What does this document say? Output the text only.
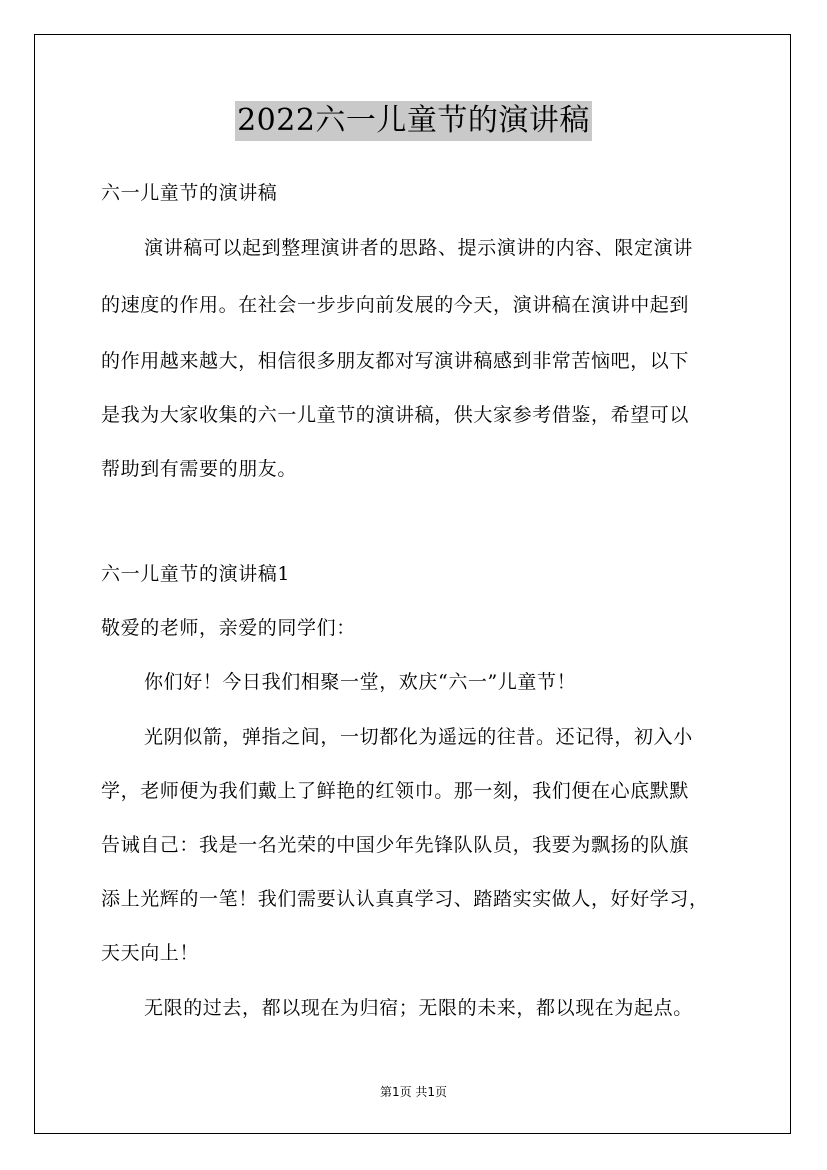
2022六一儿童节的演讲稿
六一儿童节的演讲稿
演讲稿可以起到整理演讲者的思路、提示演讲的内容、限定演讲
的速度的作用。在社会一步步向前发展的今天，演讲稿在演讲中起到
的作用越来越大，相信很多朋友都对写演讲稿感到非常苦恼吧，以下
是我为大家收集的六一儿童节的演讲稿，供大家参考借鉴，希望可以
帮助到有需要的朋友。
六一儿童节的演讲稿1
敬爱的老师，亲爱的同学们：
你们好！今日我们相聚一堂，欢庆“六一”儿童节！
光阴似箭，弹指之间，一切都化为遥远的往昔。还记得，初入小
学，老师便为我们戴上了鲜艳的红领巾。那一刻，我们便在心底默默
告诫自己：我是一名光荣的中国少年先锋队队员，我要为飘扬的队旗
添上光辉的一笔！我们需要认认真真学习、踏踏实实做人，好好学习，
天天向上！
无限的过去，都以现在为归宿；无限的未来，都以现在为起点。
第1页 共1页
